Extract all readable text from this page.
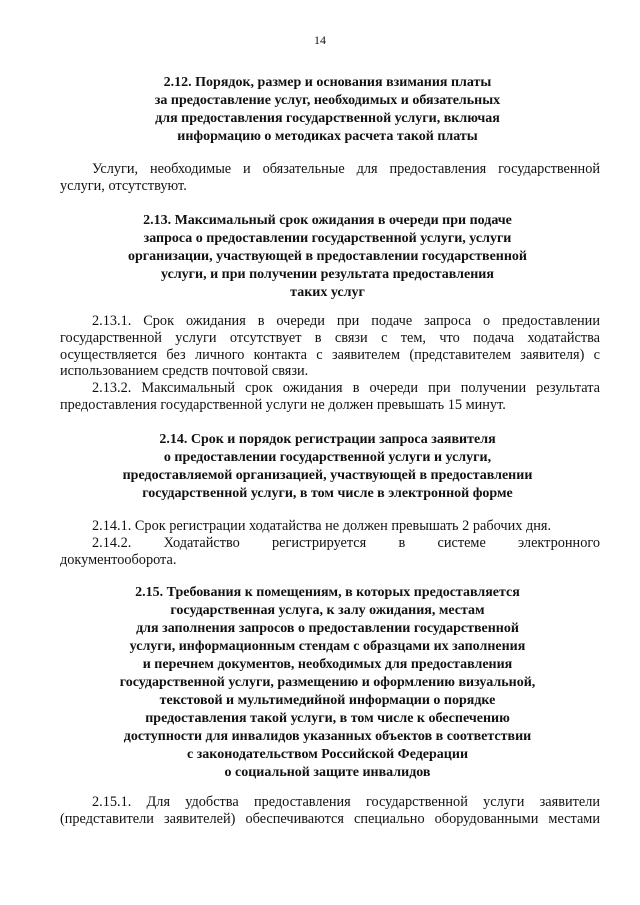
14
2.12. Порядок, размер и основания взимания платы
за предоставление услуг, необходимых и обязательных
для предоставления государственной услуги, включая
информацию о методиках расчета такой платы
Услуги, необходимые и обязательные для предоставления государственной
услуги, отсутствуют.
2.13. Максимальный срок ожидания в очереди при подаче
запроса о предоставлении государственной услуги, услуги
организации, участвующей в предоставлении государственной
услуги, и при получении результата предоставления
таких услуг
2.13.1. Срок ожидания в очереди при подаче запроса о предоставлении
государственной услуги отсутствует в связи с тем, что подача ходатайства
осуществляется без личного контакта с заявителем (представителем заявителя) с
использованием средств почтовой связи.
2.13.2. Максимальный срок ожидания в очереди при получении результата
предоставления государственной услуги не должен превышать 15 минут.
2.14. Срок и порядок регистрации запроса заявителя
о предоставлении государственной услуги и услуги,
предоставляемой организацией, участвующей в предоставлении
государственной услуги, в том числе в электронной форме
2.14.1. Срок регистрации ходатайства не должен превышать 2 рабочих дня.
2.14.2. Ходатайство регистрируется в системе электронного
документооборота.
2.15. Требования к помещениям, в которых предоставляется
государственная услуга, к залу ожидания, местам
для заполнения запросов о предоставлении государственной
услуги, информационным стендам с образцами их заполнения
и перечнем документов, необходимых для предоставления
государственной услуги, размещению и оформлению визуальной,
текстовой и мультимедийной информации о порядке
предоставления такой услуги, в том числе к обеспечению
доступности для инвалидов указанных объектов в соответствии
с законодательством Российской Федерации
о социальной защите инвалидов
2.15.1. Для удобства предоставления государственной услуги заявители
(представители заявителей) обеспечиваются специально оборудованными местами
